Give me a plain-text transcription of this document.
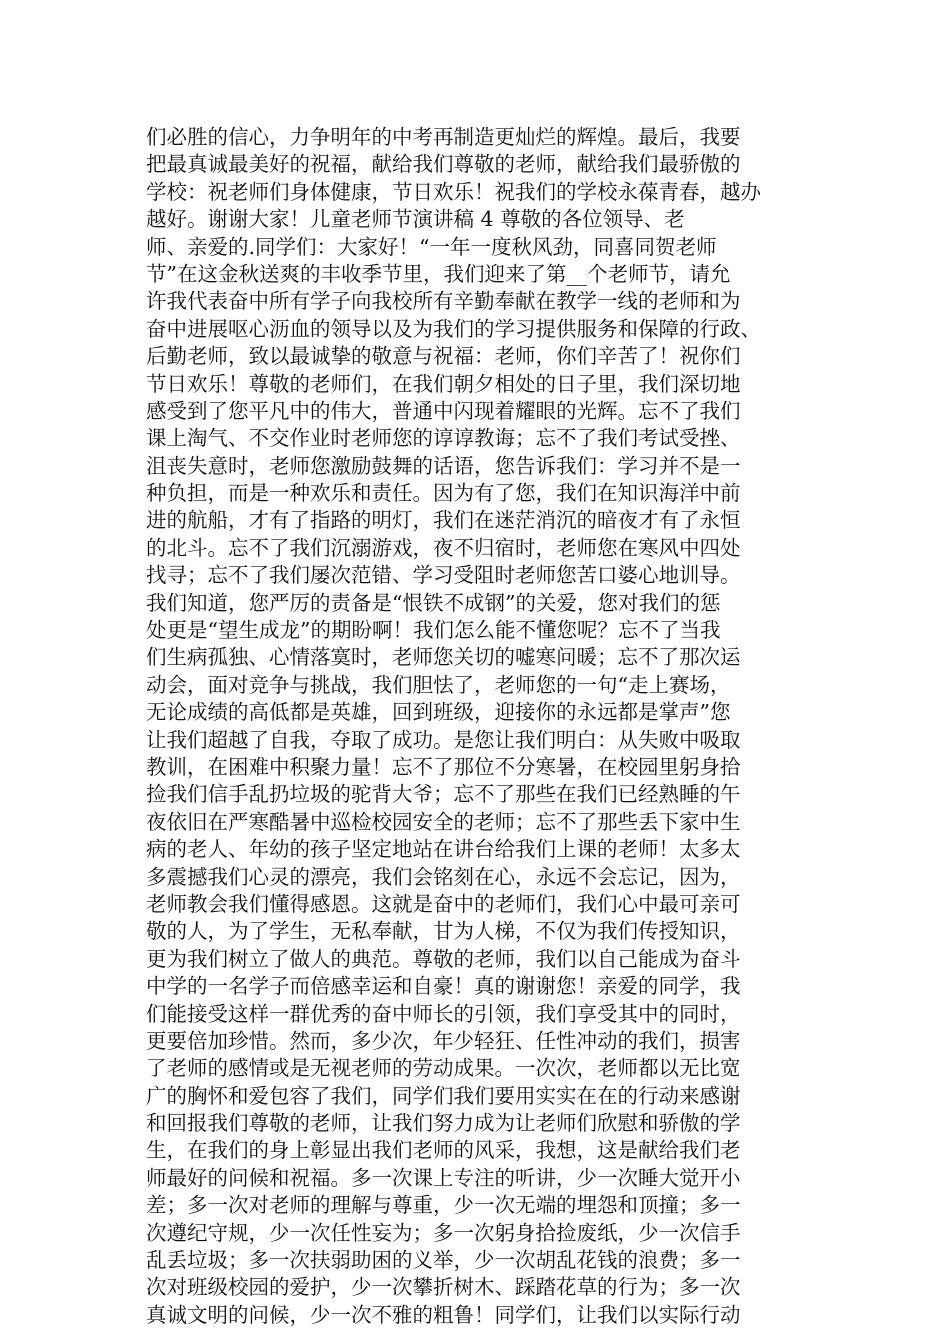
们必胜的信心，力争明年的中考再制造更灿烂的辉煌。最后，我要
把最真诚最美好的祝福，献给我们尊敬的老师，献给我们最骄傲的
学校：祝老师们身体健康，节日欢乐！祝我们的学校永葆青春，越办
越好。谢谢大家！儿童老师节演讲稿 4 尊敬的各位领导、老
师、亲爱的.同学们：大家好！“一年一度秋风劲，同喜同贺老师
节”在这金秋送爽的丰收季节里，我们迎来了第__个老师节，请允
许我代表奋中所有学子向我校所有辛勤奉献在教学一线的老师和为
奋中进展呕心沥血的领导以及为我们的学习提供服务和保障的行政、
后勤老师，致以最诚挚的敬意与祝福：老师，你们辛苦了！祝你们
节日欢乐！尊敬的老师们，在我们朝夕相处的日子里，我们深切地
感受到了您平凡中的伟大，普通中闪现着耀眼的光辉。忘不了我们
课上淘气、不交作业时老师您的谆谆教诲；忘不了我们考试受挫、
沮丧失意时，老师您激励鼓舞的话语，您告诉我们：学习并不是一
种负担，而是一种欢乐和责任。因为有了您，我们在知识海洋中前
进的航船，才有了指路的明灯，我们在迷茫消沉的暗夜才有了永恒
的北斗。忘不了我们沉溺游戏，夜不归宿时，老师您在寒风中四处
找寻；忘不了我们屡次范错、学习受阻时老师您苦口婆心地训导。
我们知道，您严厉的责备是“恨铁不成钢”的关爱，您对我们的惩
处更是“望生成龙”的期盼啊！我们怎么能不懂您呢？忘不了当我
们生病孤独、心情落寞时，老师您关切的嘘寒问暖；忘不了那次运
动会，面对竞争与挑战，我们胆怯了，老师您的一句“走上赛场，
无论成绩的高低都是英雄，回到班级，迎接你的永远都是掌声”您
让我们超越了自我，夺取了成功。是您让我们明白：从失败中吸取
教训，在困难中积聚力量！忘不了那位不分寒暑，在校园里躬身拾
捡我们信手乱扔垃圾的驼背大爷；忘不了那些在我们已经熟睡的午
夜依旧在严寒酷暑中巡检校园安全的老师；忘不了那些丢下家中生
病的老人、年幼的孩子坚定地站在讲台给我们上课的老师！太多太
多震撼我们心灵的漂亮，我们会铭刻在心，永远不会忘记，因为，
老师教会我们懂得感恩。这就是奋中的老师们，我们心中最可亲可
敬的人，为了学生，无私奉献，甘为人梯，不仅为我们传授知识，
更为我们树立了做人的典范。尊敬的老师，我们以自己能成为奋斗
中学的一名学子而倍感幸运和自豪！真的谢谢您！亲爱的同学，我
们能接受这样一群优秀的奋中师长的引领，我们享受其中的同时，
更要倍加珍惜。然而，多少次，年少轻狂、任性冲动的我们，损害
了老师的感情或是无视老师的劳动成果。一次次，老师都以无比宽
广的胸怀和爱包容了我们，同学们我们要用实实在在的行动来感谢
和回报我们尊敬的老师，让我们努力成为让老师们欣慰和骄傲的学
生，在我们的身上彰显出我们老师的风采，我想，这是献给我们老
师最好的问候和祝福。多一次课上专注的听讲，少一次睡大觉开小
差；多一次对老师的理解与尊重，少一次无端的埋怨和顶撞；多一
次遵纪守规，少一次任性妄为；多一次躬身拾捡废纸，少一次信手
乱丢垃圾；多一次扶弱助困的义举，少一次胡乱花钱的浪费；多一
次对班级校园的爱护，少一次攀折树木、踩踏花草的行为；多一次
真诚文明的问候，少一次不雅的粗鲁！同学们，让我们以实际行动
